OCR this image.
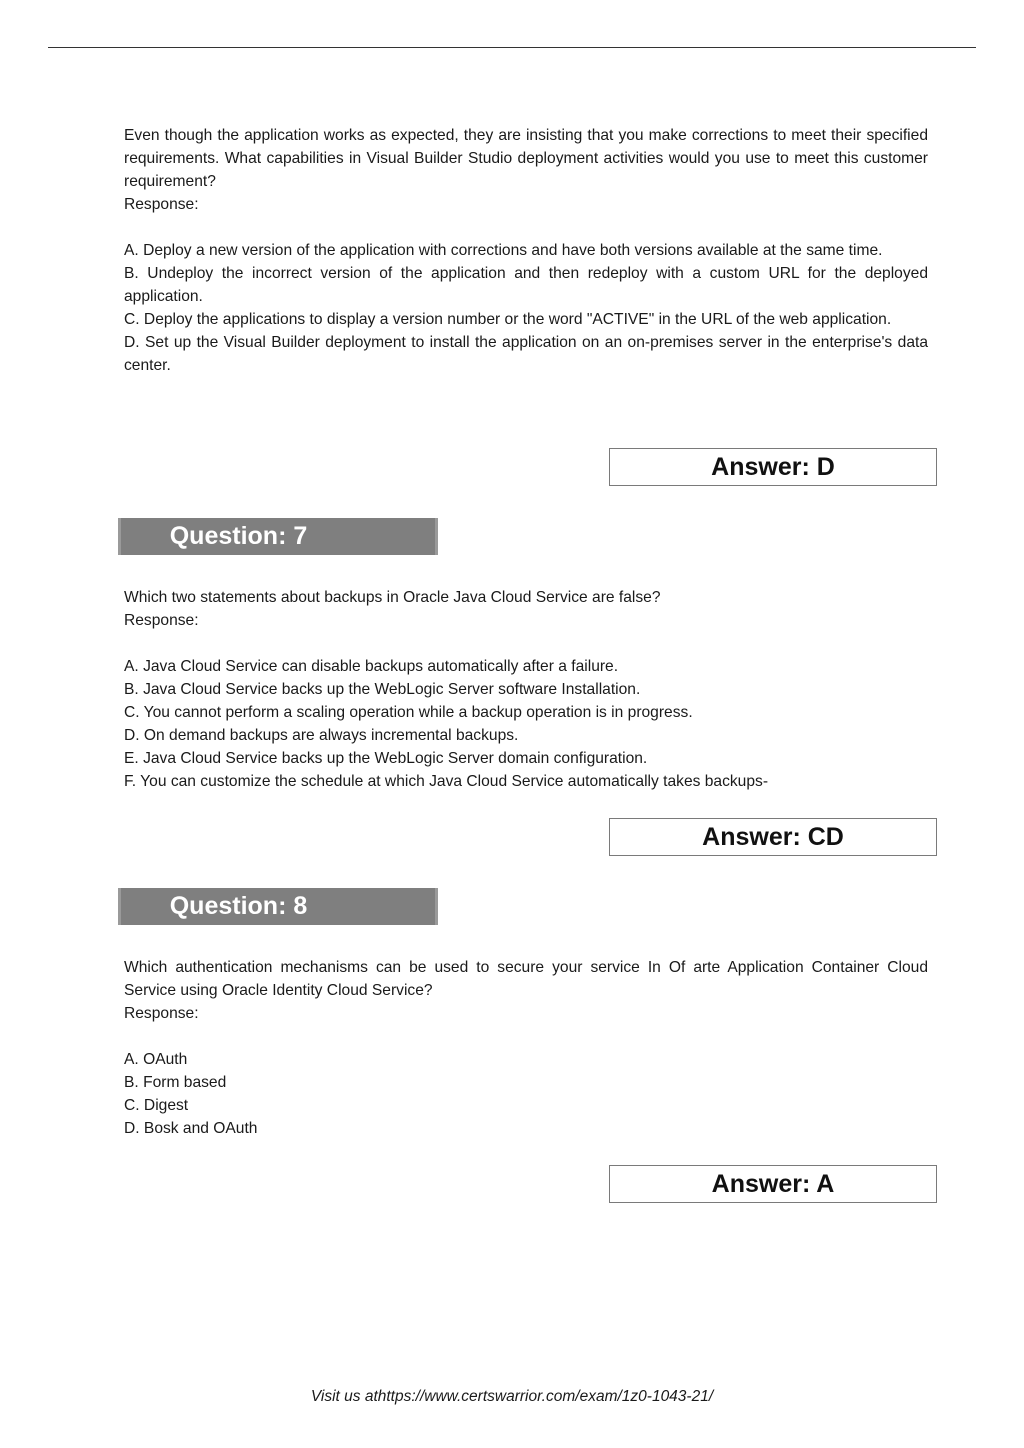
Even though the application works as expected, they are insisting that you make corrections to meet their specified requirements. What capabilities in Visual Builder Studio deployment activities would you use to meet this customer requirement?

Response:

A. Deploy a new version of the application with corrections and have both versions available at the same time.

B. Undeploy the incorrect version of the application and then redeploy with a custom URL for the deployed application.

C. Deploy the applications to display a version number or the word "ACTIVE" in the URL of the web application.

D. Set up the Visual Builder deployment to install the application on an on-premises server in the enterprise's data center.

Answer: D
Question: 7

Which two statements about backups in Oracle Java Cloud Service are false?

Response:

A. Java Cloud Service can disable backups automatically after a failure.

B. Java Cloud Service backs up the WebLogic Server software Installation.

C. You cannot perform a scaling operation while a backup operation is in progress.

D. On demand backups are always incremental backups.

E. Java Cloud Service backs up the WebLogic Server domain configuration.

F. You can customize the schedule at which Java Cloud Service automatically takes backups-

Answer: CD
Question: 8

Which authentication mechanisms can be used to secure your service In Of arte Application Container Cloud Service using Oracle Identity Cloud Service?

Response:

A. OAuth

B. Form based

C. Digest

D. Bosk and OAuth

Answer: A
Visit us athttps://www.certswarrior.com/exam/1z0-1043-21/
